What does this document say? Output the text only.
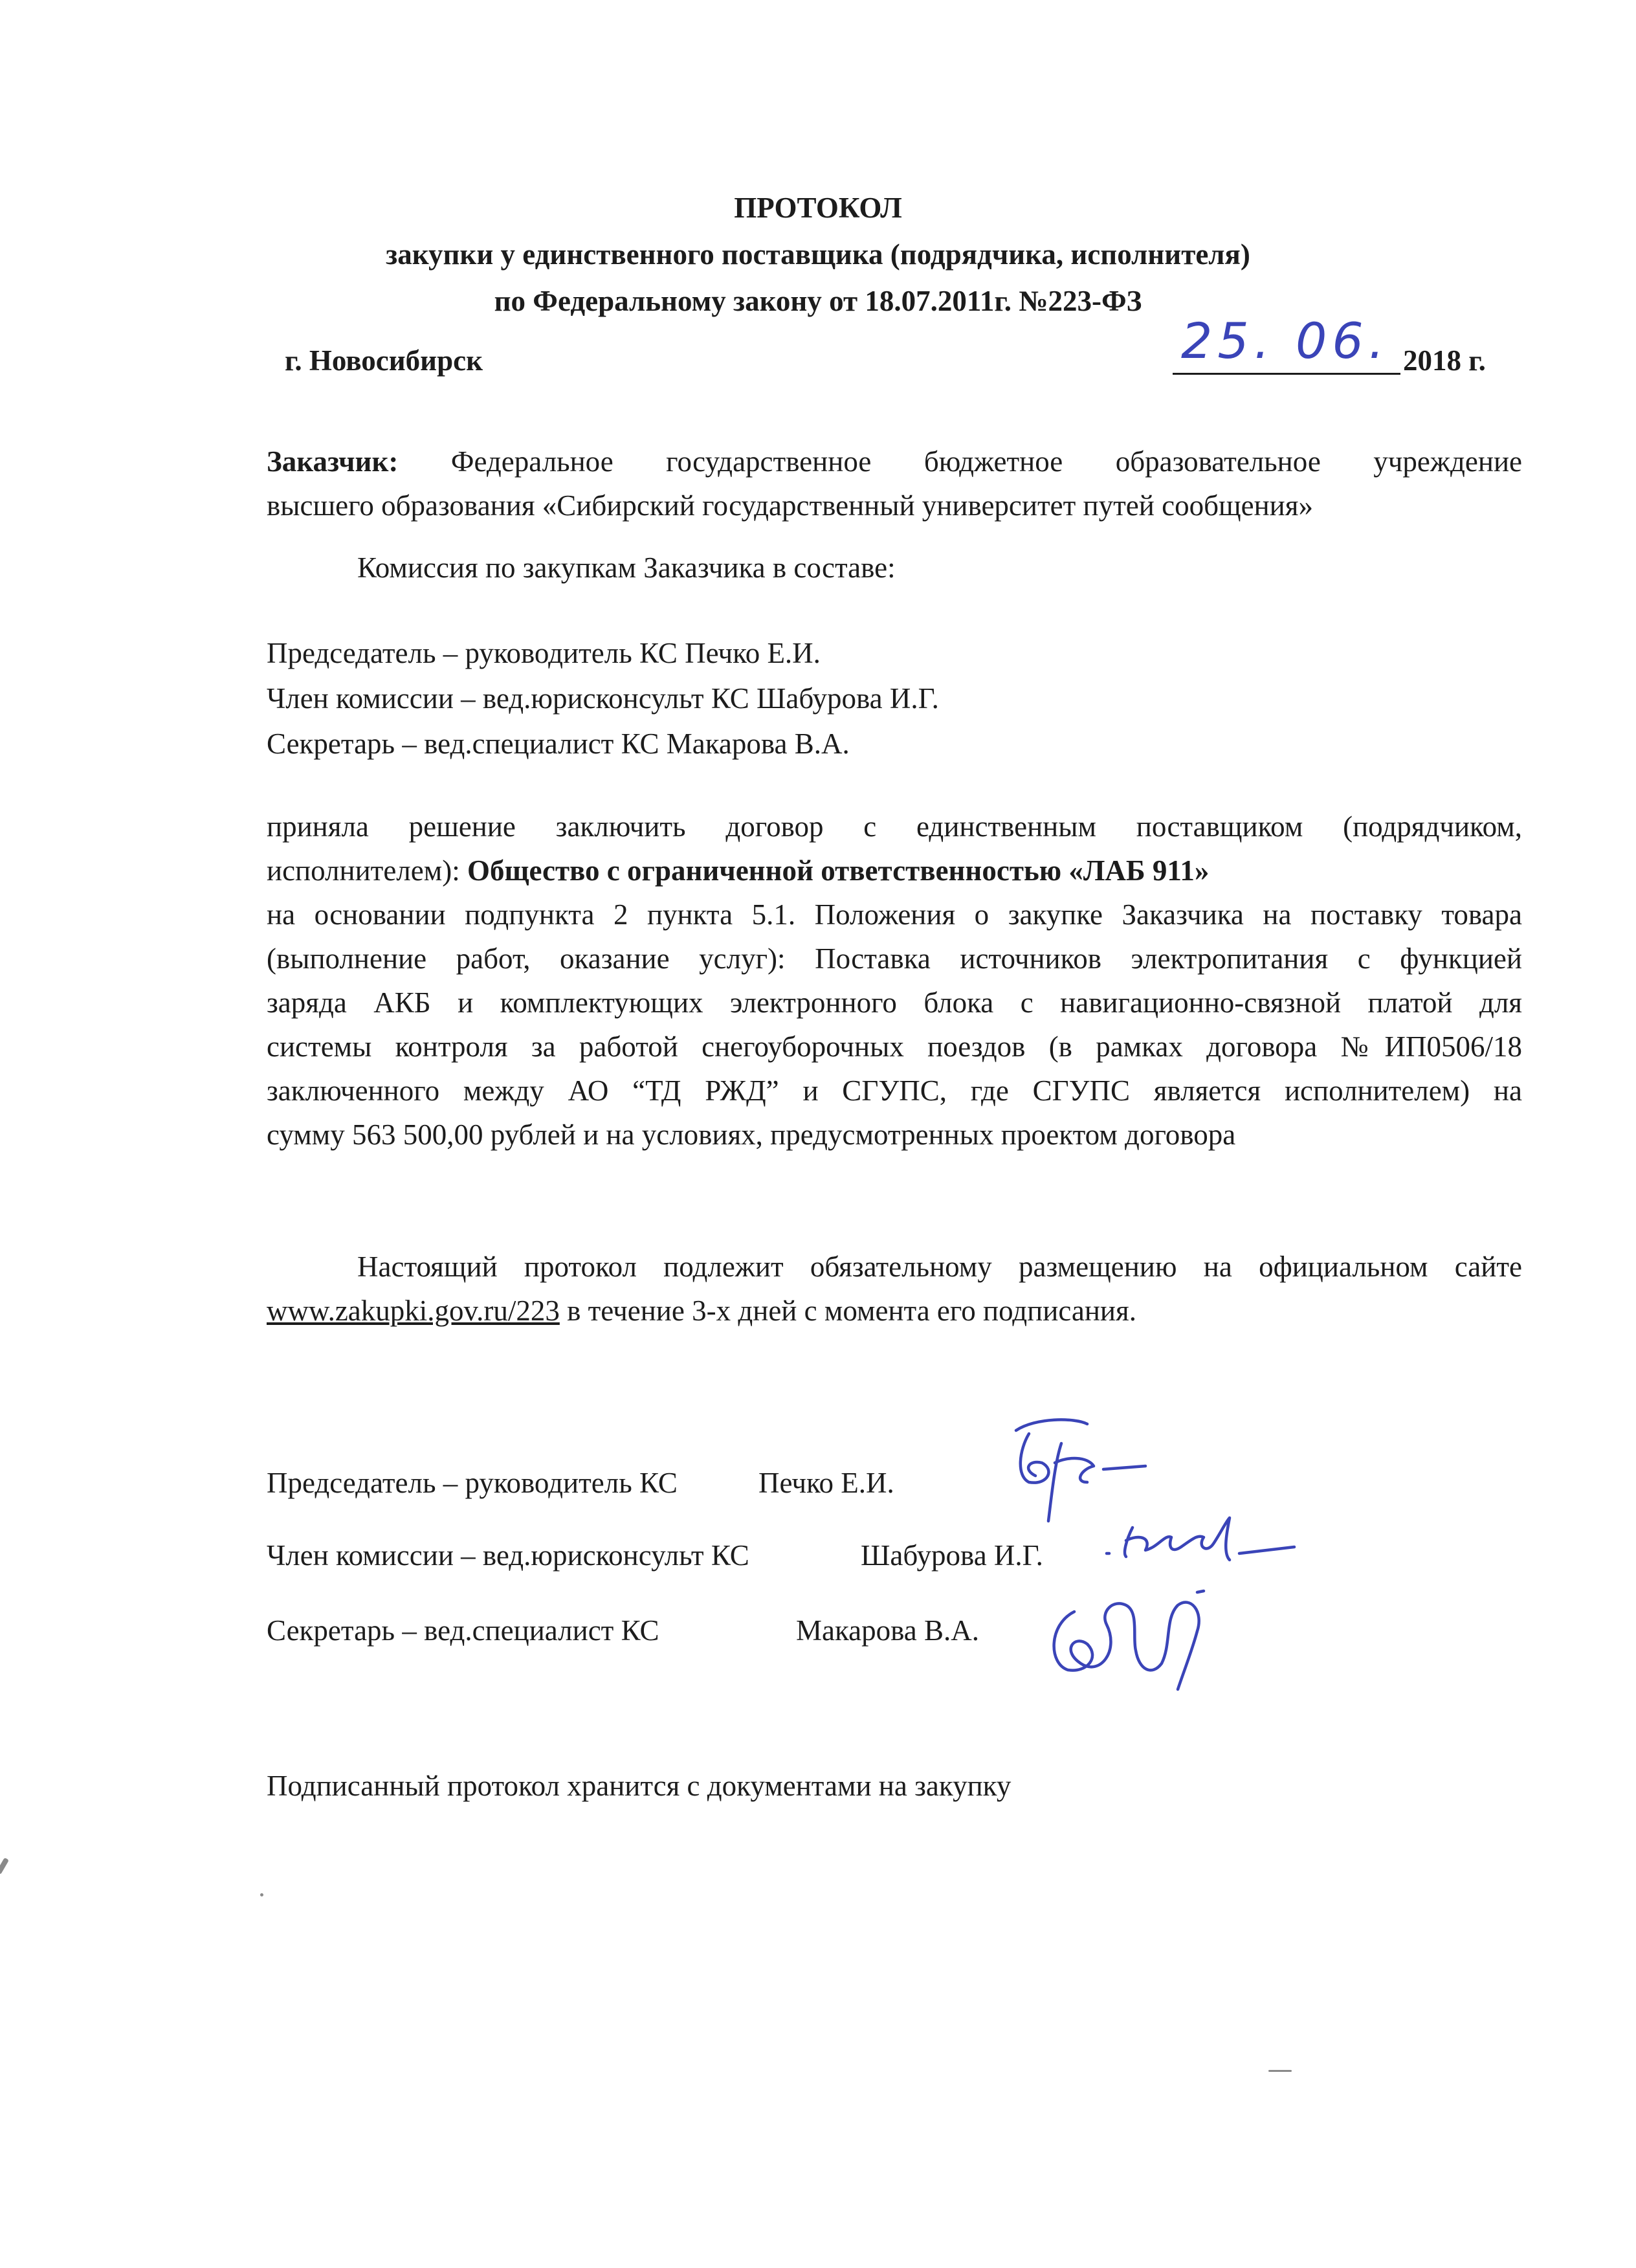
ПРОТОКОЛ
закупки у единственного поставщика (подрядчика, исполнителя)
по Федеральному закону от 18.07.2011г. №223-ФЗ
г. Новосибирск	25. 06. 2018 г.
Заказчик: Федеральное государственное бюджетное образовательное учреждение
высшего образования «Сибирский государственный университет путей сообщения»
Комиссия по закупкам Заказчика в составе:
Председатель – руководитель КС Печко Е.И.
Член комиссии – вед.юрисконсульт КС Шабурова И.Г.
Секретарь – вед.специалист КС Макарова В.А.
приняла решение заключить договор с единственным поставщиком (подрядчиком,
исполнителем): Общество с ограниченной ответственностью «ЛАБ 911»
на основании подпункта 2 пункта 5.1. Положения о закупке Заказчика на поставку товара
(выполнение работ, оказание услуг): Поставка источников электропитания с функцией
заряда АКБ и комплектующих электронного блока с навигационно-связной платой для
системы контроля за работой снегоуборочных поездов (в рамках договора №ИП0506/18
заключенного между АО “ТД РЖД” и СГУПС, где СГУПС является исполнителем) на
сумму 563 500,00 рублей и на условиях, предусмотренных проектом договора
Настоящий протокол подлежит обязательному размещению на официальном сайте
www.zakupki.gov.ru/223 в течение 3-х дней с момента его подписания.
Председатель – руководитель КС	Печко Е.И.
Член комиссии – вед.юрисконсульт КС	Шабурова И.Г.
Секретарь – вед.специалист КС	Макарова В.А.
Подписанный протокол хранится с документами на закупку
